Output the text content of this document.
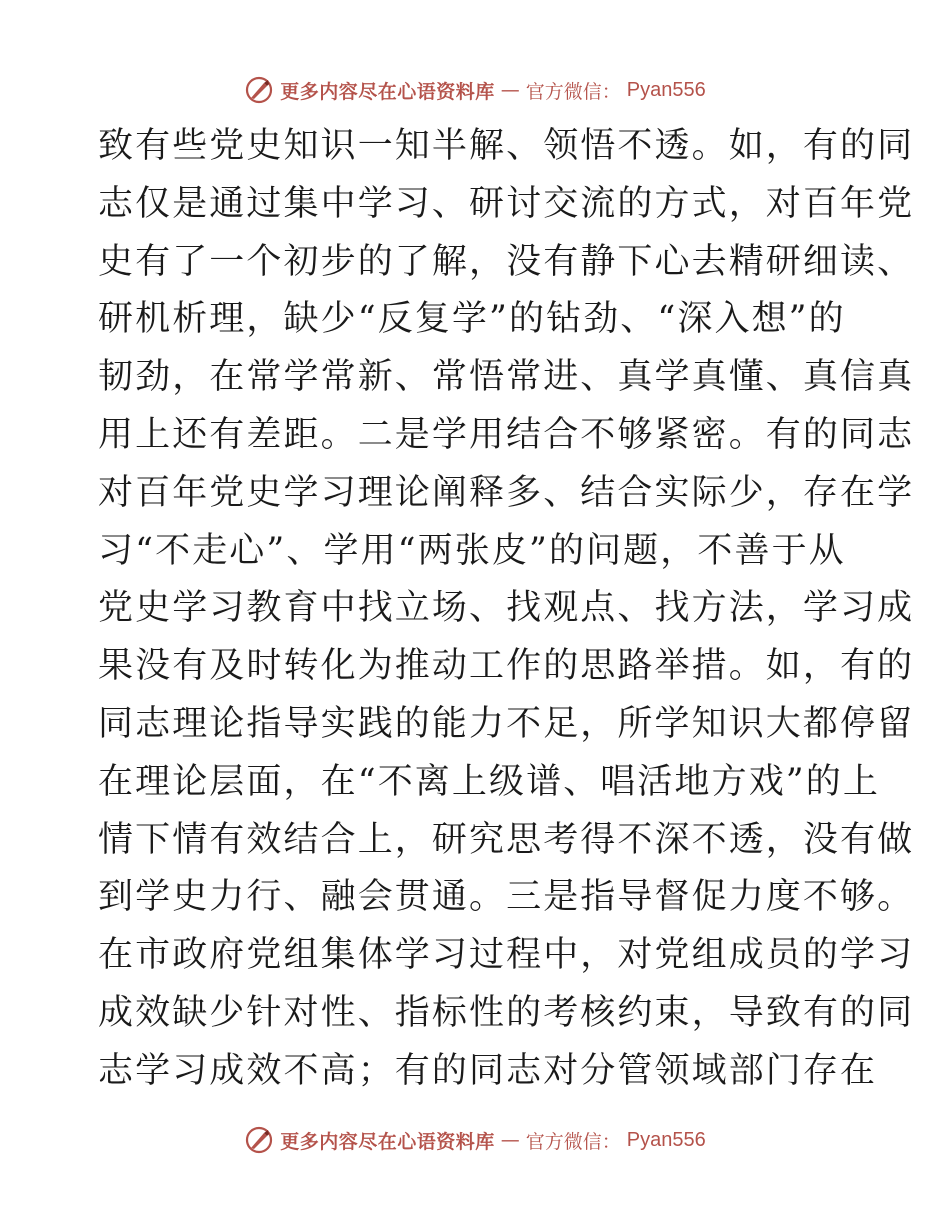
更多内容尽在心语资料库 — 官方微信： Pyan556
致有些党史知识一知半解、领悟不透。如，有的同
志仅是通过集中学习、研讨交流的方式，对百年党
史有了一个初步的了解，没有静下心去精研细读、
研机析理，缺少“反复学”的钻劲、“深入想”的
韧劲，在常学常新、常悟常进、真学真懂、真信真
用上还有差距。二是学用结合不够紧密。有的同志
对百年党史学习理论阐释多、结合实际少，存在学
习“不走心”、学用“两张皮”的问题，不善于从
党史学习教育中找立场、找观点、找方法，学习成
果没有及时转化为推动工作的思路举措。如，有的
同志理论指导实践的能力不足，所学知识大都停留
在理论层面，在“不离上级谱、唱活地方戏”的上
情下情有效结合上，研究思考得不深不透，没有做
到学史力行、融会贯通。三是指导督促力度不够。
在市政府党组集体学习过程中，对党组成员的学习
成效缺少针对性、指标性的考核约束，导致有的同
志学习成效不高；有的同志对分管领域部门存在
更多内容尽在心语资料库 — 官方微信： Pyan556
